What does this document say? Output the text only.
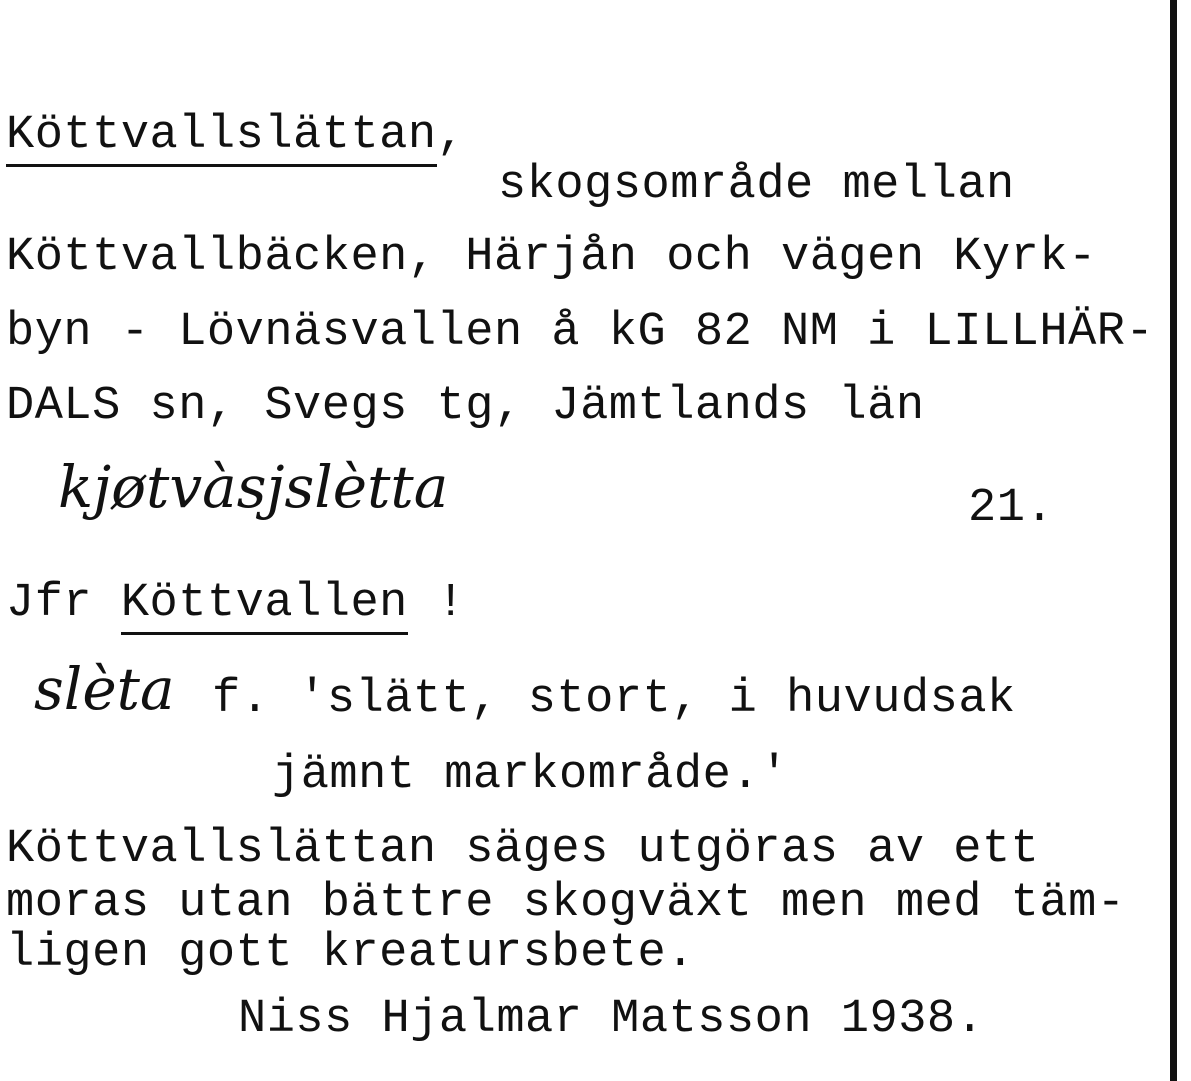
Köttvallslättan,
skogsområde mellan
Köttvallbäcken, Härjån och vägen Kyrk-
byn - Lövnäsvallen å kG 82 NM i LILLHÄR-
DALS sn, Svegs tg, Jämtlands län
kjøtvàsjslètta	21.
Jfr Köttvallen !
slèta f. 'slätt, stort, i huvudsak
jämnt markområde.'
Köttvallslättan säges utgöras av ett
moras utan bättre skogväxt men med täm-
ligen gott kreatursbete.
Niss Hjalmar Matsson 1938.
